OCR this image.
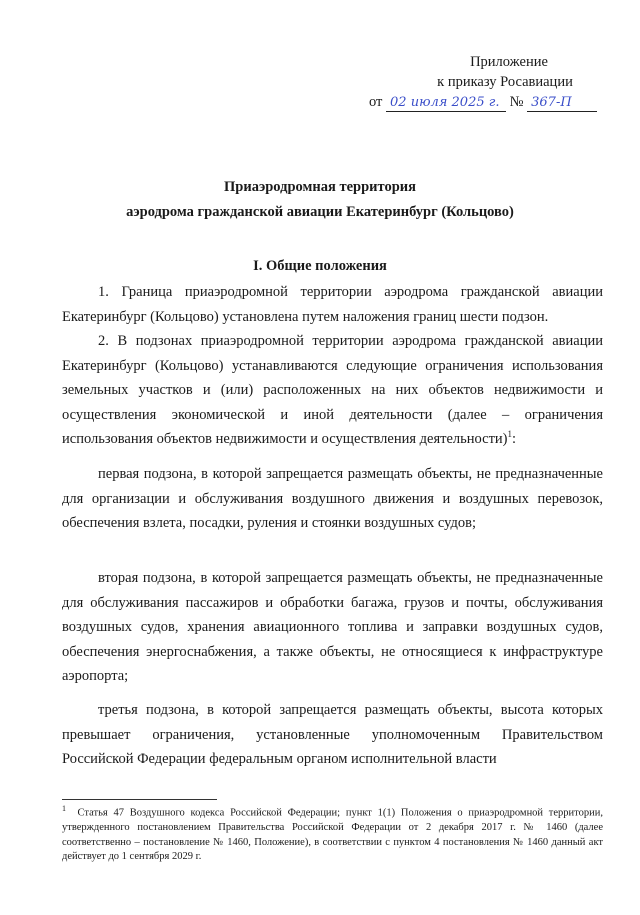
Приложение
к приказу Росавиации
от 02 июля 2025 г. № 367-П
Приаэродромная территория
аэродрома гражданской авиации Екатеринбург (Кольцово)
I. Общие положения
1. Граница приаэродромной территории аэродрома гражданской авиации Екатеринбург (Кольцово) установлена путем наложения границ шести подзон.
2. В подзонах приаэродромной территории аэродрома гражданской авиации Екатеринбург (Кольцово) устанавливаются следующие ограничения использования земельных участков и (или) расположенных на них объектов недвижимости и осуществления экономической и иной деятельности (далее – ограничения использования объектов недвижимости и осуществления деятельности)$^1$:
первая подзона, в которой запрещается размещать объекты, не предназначенные для организации и обслуживания воздушного движения и воздушных перевозок, обеспечения взлета, посадки, руления и стоянки воздушных судов;
вторая подзона, в которой запрещается размещать объекты, не предназначенные для обслуживания пассажиров и обработки багажа, грузов и почты, обслуживания воздушных судов, хранения авиационного топлива и заправки воздушных судов, обеспечения энергоснабжения, а также объекты, не относящиеся к инфраструктуре аэропорта;
третья подзона, в которой запрещается размещать объекты, высота которых превышает ограничения, установленные уполномоченным Правительством Российской Федерации федеральным органом исполнительной власти
$^1$ Статья 47 Воздушного кодекса Российской Федерации; пункт 1(1) Положения о приаэродромной территории, утвержденного постановлением Правительства Российской Федерации от 2 декабря 2017 г. № 1460 (далее соответственно – постановление № 1460, Положение), в соответствии с пунктом 4 постановления № 1460 данный акт действует до 1 сентября 2029 г.
